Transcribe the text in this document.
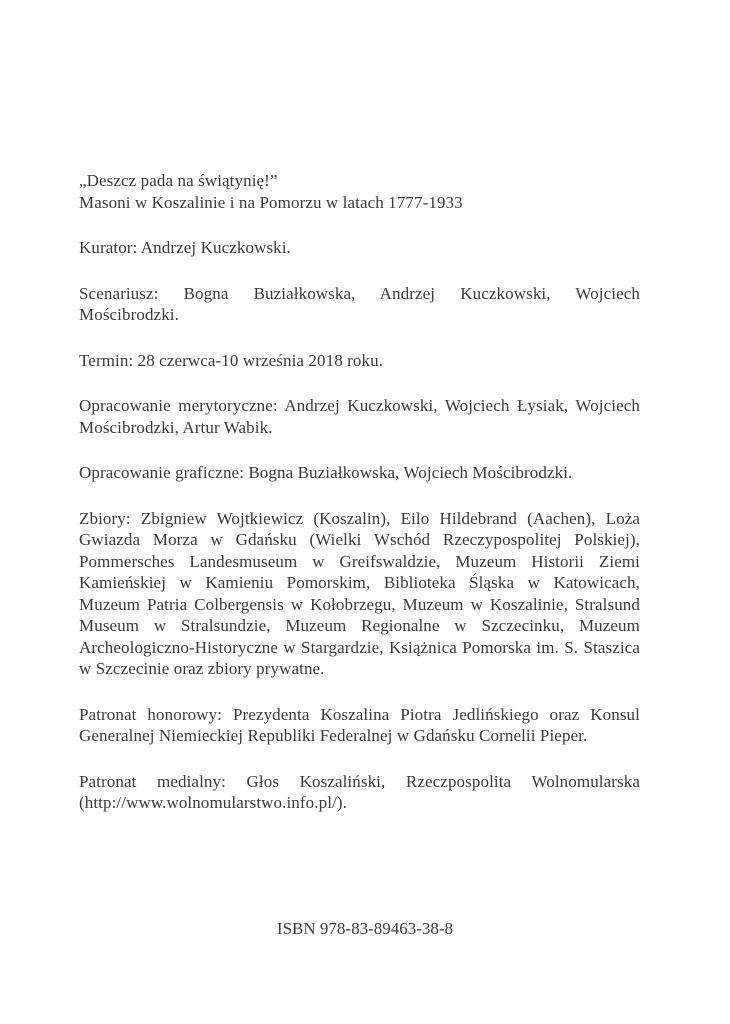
„Deszcz pada na świątynię!”
Masoni w Koszalinie i na Pomorzu w latach 1777-1933

Kurator: Andrzej Kuczkowski.

Scenariusz: Bogna Buziałkowska, Andrzej Kuczkowski, Wojciech Mościbrodzki.

Termin: 28 czerwca-10 września 2018 roku.

Opracowanie merytoryczne: Andrzej Kuczkowski, Wojciech Łysiak, Wojciech Mościbrodzki, Artur Wabik.

Opracowanie graficzne: Bogna Buziałkowska, Wojciech Mościbrodzki.

Zbiory: Zbigniew Wojtkiewicz (Koszalin), Eilo Hildebrand (Aachen), Loża Gwiazda Morza w Gdańsku (Wielki Wschód Rzeczypospolitej Polskiej), Pommersches Landesmuseum w Greifswaldzie, Muzeum Historii Ziemi Kamieńskiej w Kamieniu Pomorskim, Biblioteka Śląska w Katowicach, Muzeum Patria Colbergensis w Kołobrzegu, Muzeum w Koszalinie, Stralsund Museum w Stralsundzie, Muzeum Regionalne w Szczecinku, Muzeum Archeologiczno-Historyczne w Stargardzie, Książnica Pomorska im. S. Staszica w Szczecinie oraz zbiory prywatne.

Patronat honorowy: Prezydenta Koszalina Piotra Jedlińskiego oraz Konsul Generalnej Niemieckiej Republiki Federalnej w Gdańsku Cornelii Pieper.

Patronat medialny: Głos Koszaliński, Rzeczpospolita Wolnomularska (http://www.wolnomularstwo.info.pl/).

ISBN 978-83-89463-38-8
